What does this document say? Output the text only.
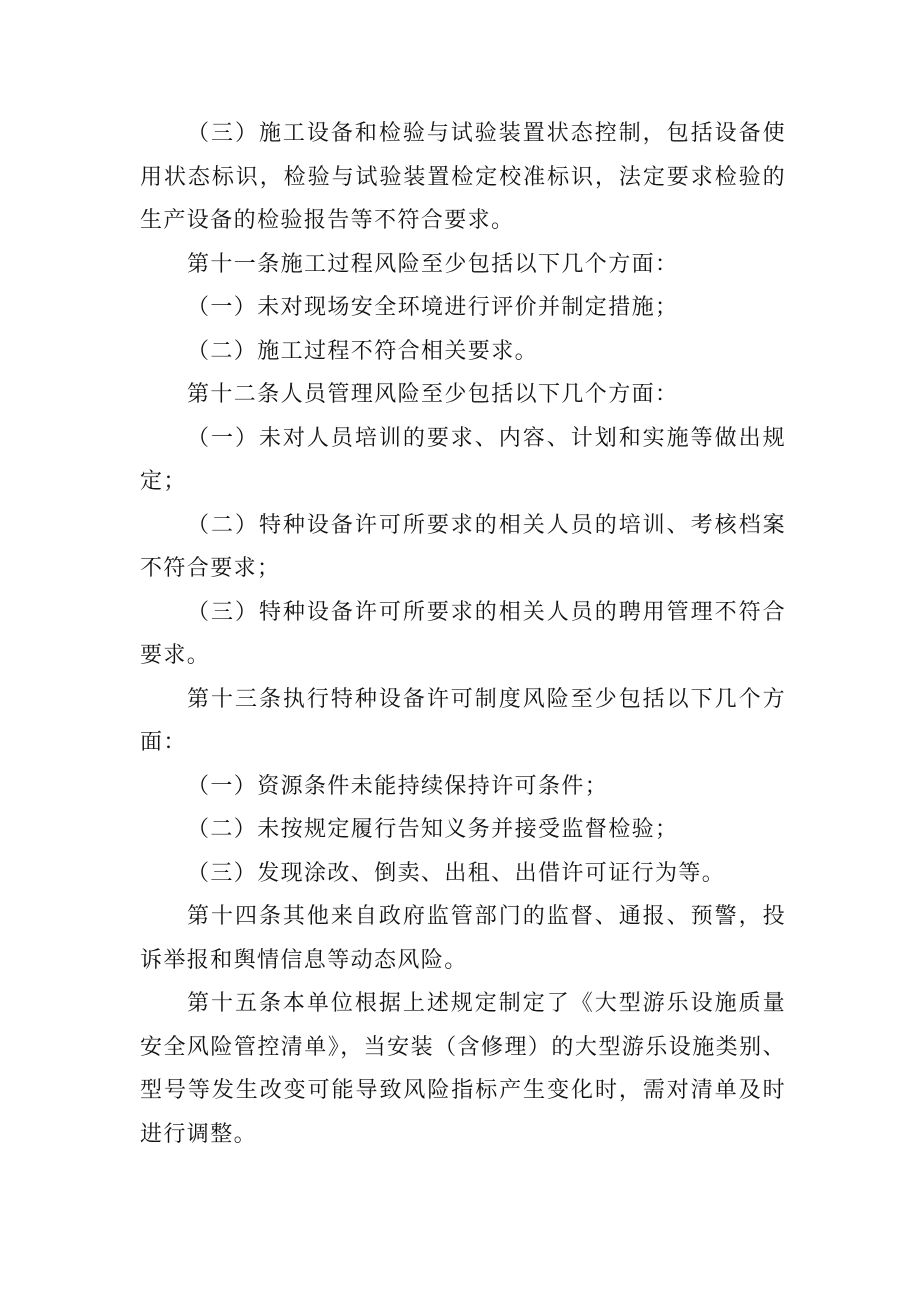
（三）施工设备和检验与试验装置状态控制，包括设备使用状态标识，检验与试验装置检定校准标识，法定要求检验的生产设备的检验报告等不符合要求。

第十一条施工过程风险至少包括以下几个方面：

（一）未对现场安全环境进行评价并制定措施；

（二）施工过程不符合相关要求。

第十二条人员管理风险至少包括以下几个方面：

（一）未对人员培训的要求、内容、计划和实施等做出规定；

（二）特种设备许可所要求的相关人员的培训、考核档案不符合要求；

（三）特种设备许可所要求的相关人员的聘用管理不符合要求。

第十三条执行特种设备许可制度风险至少包括以下几个方面：

（一）资源条件未能持续保持许可条件；

（二）未按规定履行告知义务并接受监督检验；

（三）发现涂改、倒卖、出租、出借许可证行为等。

第十四条其他来自政府监管部门的监督、通报、预警，投诉举报和舆情信息等动态风险。

第十五条本单位根据上述规定制定了《大型游乐设施质量安全风险管控清单》，当安装（含修理）的大型游乐设施类别、型号等发生改变可能导致风险指标产生变化时，需对清单及时进行调整。
